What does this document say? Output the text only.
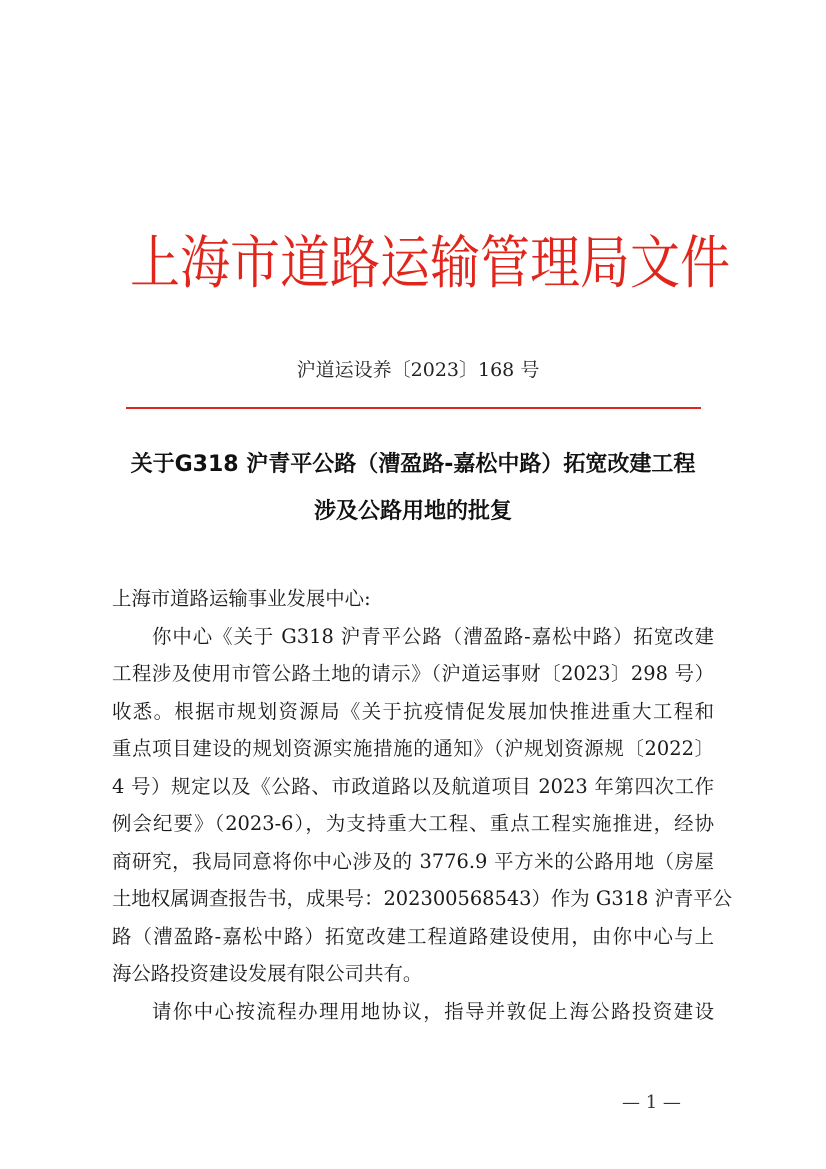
上海市道路运输管理局文件
沪道运设养〔2023〕168 号
关于G318 沪青平公路（漕盈路-嘉松中路）拓宽改建工程
涉及公路用地的批复
上海市道路运输事业发展中心:
你中心《关于 G318 沪青平公路（漕盈路-嘉松中路）拓宽改建
工程涉及使用市管公路土地的请示》（沪道运事财〔2023〕298 号）
收悉。根据市规划资源局《关于抗疫情促发展加快推进重大工程和
重点项目建设的规划资源实施措施的通知》（沪规划资源规〔2022〕
4 号）规定以及《公路、市政道路以及航道项目 2023 年第四次工作
例会纪要》（2023-6），为支持重大工程、重点工程实施推进，经协
商研究，我局同意将你中心涉及的 3776.9 平方米的公路用地（房屋
土地权属调查报告书，成果号：202300568543）作为 G318 沪青平公
路（漕盈路-嘉松中路）拓宽改建工程道路建设使用，由你中心与上
海公路投资建设发展有限公司共有。
请你中心按流程办理用地协议，指导并敦促上海公路投资建设
— 1 —
